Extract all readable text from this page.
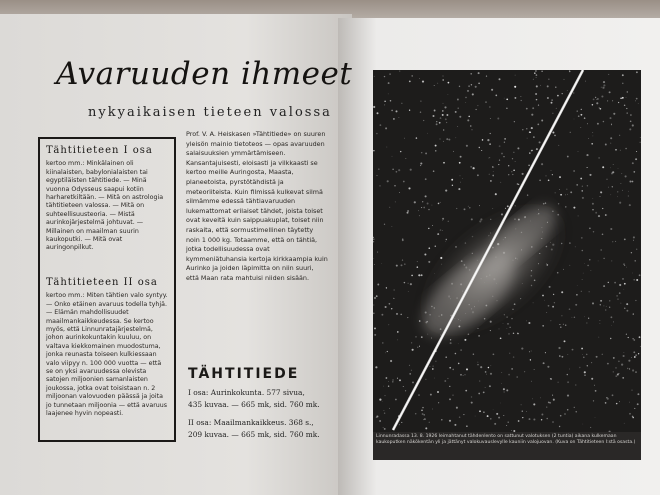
Avaruuden ihmeet
nykyaikaisen tieteen valossa
Tähtitieteen I osa

kertoo mm.: Minkälainen oli kiinalaisten, babylonialaisten tai egyptiläisten tähtitiede. — Minä vuonna Odysseus saapui kotiin harharetkiltään. — Mitä on astrologia tähtitieteen valossa. — Mitä on suhteellisuusteoria. — Mistä aurinkojärjestelmä johtuvat. — Millainen on maailman suurin kaukoputki. — Mitä ovat auringonpilkut.

Tähtitieteen II osa

kertoo mm.: Miten tähtien valo syntyy. — Onko etäinen avaruus todella tyhjä. — Elämän mahdollisuudet maailmankaikkeudessa. Se kertoo myös, että Linnunratajärjestelmä, johon aurinkokuntakin kuuluu, on valtava kiekkomainen muodostuma, jonka reunasta toiseen kulkiessaan valo viipyy n. 100 000 vuotta — että se on yksi avaruudessa olevista satojen miljoonien samanlaisten joukossa, jotka ovat toisistaan n. 2 miljoonan valovuoden päässä ja joita jo tunnetaan miljoonia — että avaruus laajenee hyvin nopeasti.

Prof. V. A. Heiskasen »Tähtitiede» on suuren yleisön mainio tietoteos — opas avaruuden salaisuuksien ymmärtämiseen. Kansantajuisesti, eloisasti ja vilkkaasti se kertoo meille Auringosta, Maasta, planeetoista, pyrstötähdistä ja meteoriiteista. Kuin filmissä kulkevat silmä silmämme edessä tähtiavaruuden lukemattomat erilaiset tähdet, joista toiset ovat keveitä kuin saippuakuplat, toiset niin raskaita, että sormustimellinen täytetty noin 1 000 kg. Totaamme, että on tähtiä, jotka todellisuudessa ovat kymmeniätuhansia kertoja kirkkaampia kuin Aurinko ja joiden läpimitta on niin suuri, että Maan rata mahtuisi niiden sisään.

TÄHTITIEDE
I osa: Aurinkokunta. 577 sivua,
435 kuvaa. — 665 mk, sid. 760 mk.
II osa: Maailmankaikkeus. 368 s.,
209 kuvaa. — 665 mk, sid. 760 mk.	Linnunradassa 13. 8. 1926 leimahtanut tähdenlento on sattunut valotuksen (2 tuntia) aikana kulkemaan kaukoputken näkökentän yli ja jättänyt valokuvauslevylle kauniin valojuovan. (Kuva on Tähtitieteen I:stä osasta.)
